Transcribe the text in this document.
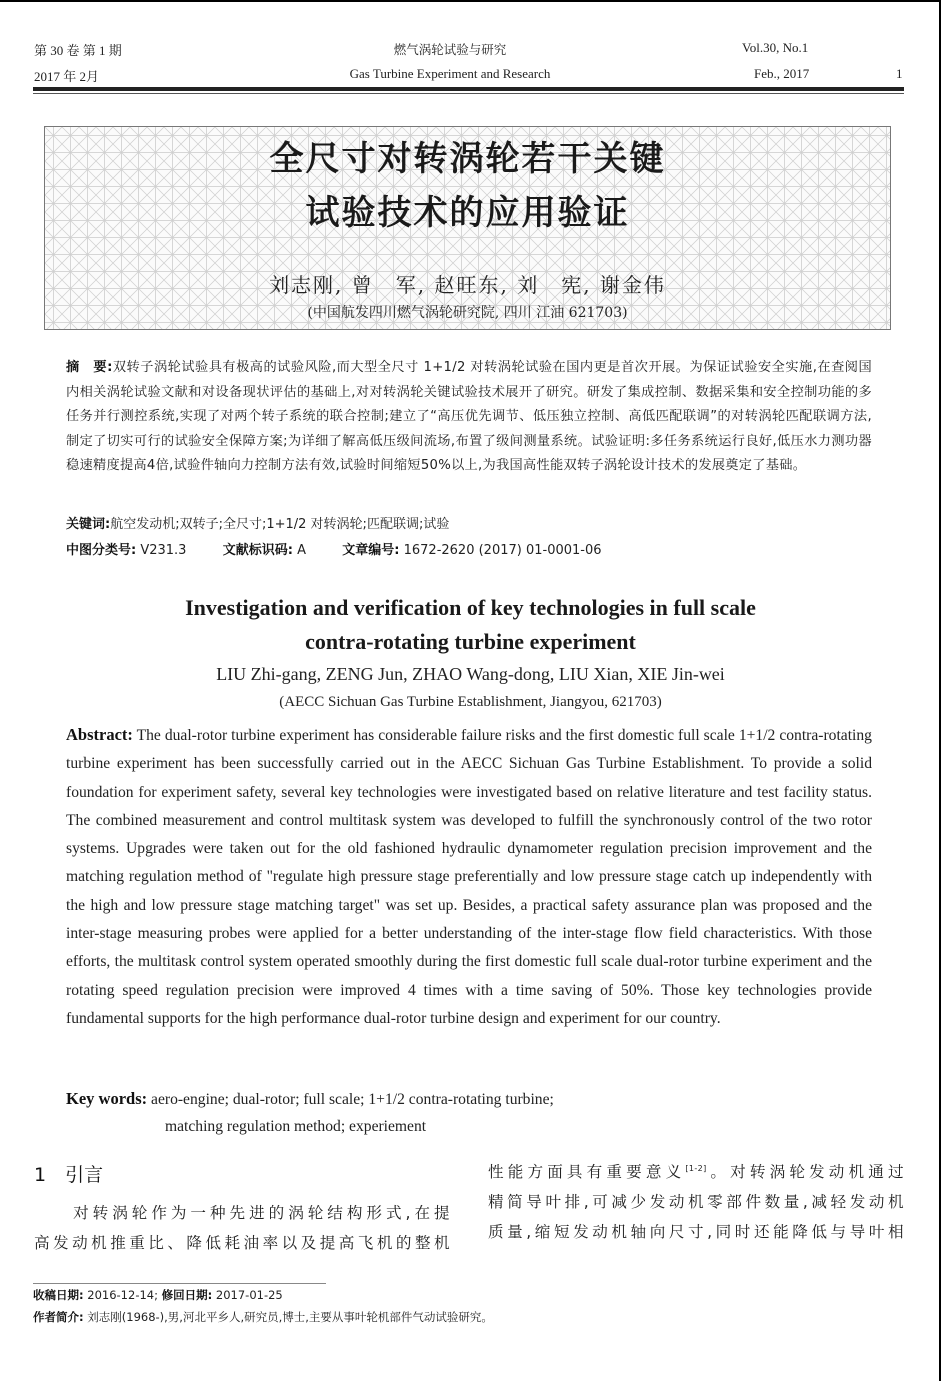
第 30 卷 第 1 期
2017 年 2月
燃气涡轮试验与研究
Gas Turbine Experiment and Research
Vol.30, No.1
Feb., 2017	1
全尺寸对转涡轮若干关键
试验技术的应用验证
刘志刚, 曾　军, 赵旺东, 刘　宪, 谢金伟
(中国航发四川燃气涡轮研究院, 四川 江油 621703)
摘　要:双转子涡轮试验具有极高的试验风险,而大型全尺寸 1+1/2 对转涡轮试验在国内更是首次开展。为保证试验安全实施,在查阅国内相关涡轮试验文献和对设备现状评估的基础上,对对转涡轮关键试验技术展开了研究。研发了集成控制、数据采集和安全控制功能的多任务并行测控系统,实现了对两个转子系统的联合控制;建立了“高压优先调节、低压独立控制、高低匹配联调”的对转涡轮匹配联调方法,制定了切实可行的试验安全保障方案;为详细了解高低压级间流场,布置了级间测量系统。试验证明:多任务系统运行良好,低压水力测功器稳速精度提高4倍,试验件轴向力控制方法有效,试验时间缩短50%以上,为我国高性能双转子涡轮设计技术的发展奠定了基础。
关键词:航空发动机;双转子;全尺寸;1+1/2 对转涡轮;匹配联调;试验
中图分类号: V231.3	文献标识码: A	文章编号: 1672-2620 (2017) 01-0001-06
Investigation and verification of key technologies in full scale
contra-rotating turbine experiment
LIU Zhi-gang, ZENG Jun, ZHAO Wang-dong, LIU Xian, XIE Jin-wei
(AECC Sichuan Gas Turbine Establishment, Jiangyou, 621703)
Abstract: The dual-rotor turbine experiment has considerable failure risks and the first domestic full scale 1+1/2 contra-rotating turbine experiment has been successfully carried out in the AECC Sichuan Gas Turbine Establishment. To provide a solid foundation for experiment safety, several key technologies were investigated based on relative literature and test facility status. The combined measurement and control multitask system was developed to fulfill the synchronously control of the two rotor systems. Upgrades were taken out for the old fashioned hydraulic dynamometer regulation precision improvement and the matching regulation method of "regulate high pressure stage preferentially and low pressure stage catch up independently with the high and low pressure stage matching target" was set up. Besides, a practical safety assurance plan was proposed and the inter-stage measuring probes were applied for a better understanding of the inter-stage flow field characteristics. With those efforts, the multitask control system operated smoothly during the first domestic full scale dual-rotor turbine experiment and the rotating speed regulation precision were improved 4 times with a time saving of 50%. Those key technologies provide fundamental supports for the high performance dual-rotor turbine design and experiment for our country.
Key words: aero-engine; dual-rotor; full scale; 1+1/2 contra-rotating turbine;
matching regulation method; experiement
1　引言
　　对转涡轮作为一种先进的涡轮结构形式,在提
高发动机推重比、降低耗油率以及提高飞机的整机
性能方面具有重要意义[1-2]。对转涡轮发动机通过
精简导叶排,可减少发动机零部件数量,减轻发动机
质量,缩短发动机轴向尺寸,同时还能降低与导叶相
收稿日期: 2016-12-14; 修回日期: 2017-01-25
作者简介: 刘志刚(1968-),男,河北平乡人,研究员,博士,主要从事叶轮机部件气动试验研究。
